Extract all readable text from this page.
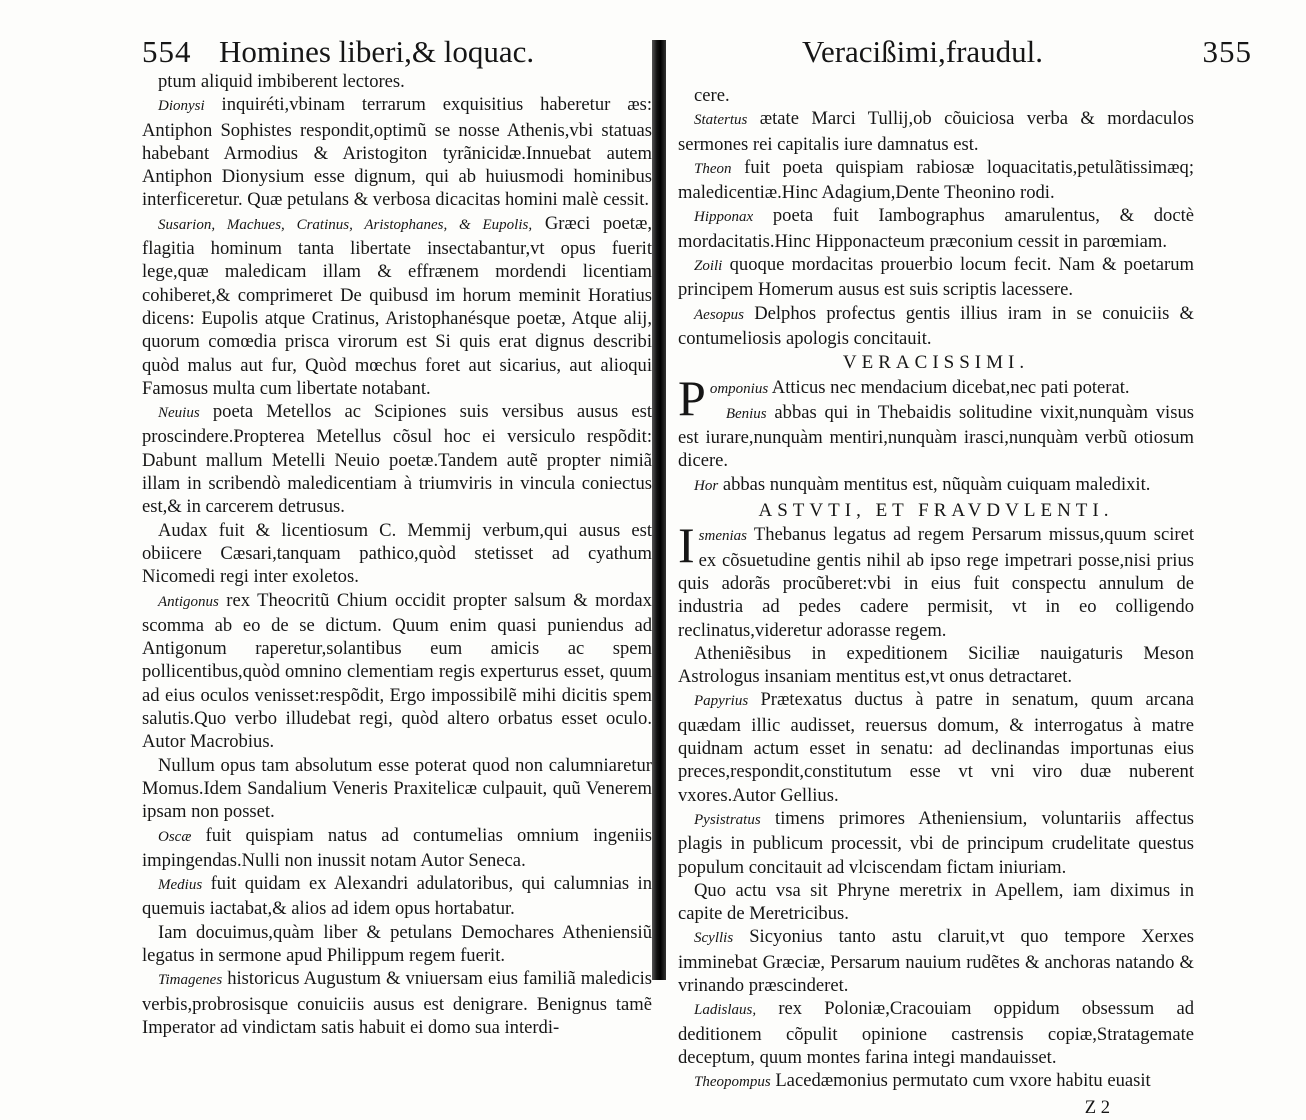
554 Homines liberi,& loquac.

ptum aliquid imbiberent lectores.

Dionysi inquiréti,vbinam terrarum exquisitius haberetur æs: Antiphon Sophistes respondit,optimũ se nosse Athenis,vbi statuas habebant Armodius & Aristogiton tyrãnicidæ.Innuebat autem Antiphon Dionysium esse dignum, qui ab huiusmodi hominibus interficeretur. Quæ petulans & verbosa dicacitas homini malè cessit.

Susarion, Machues, Cratinus, Aristophanes, & Eupolis, Græci poetæ, flagitia hominum tanta libertate insectabantur,vt opus fuerit lege,quæ maledicam illam & effrænem mordendi licentiam cohiberet,& comprimeret De quibusd im horum meminit Horatius dicens: Eupolis atque Cratinus, Aristophanésque poetæ, Atque alij, quorum comœdia prisca virorum est Si quis erat dignus describi quòd malus aut fur, Quòd mœchus foret aut sicarius, aut alioqui Famosus multa cum libertate notabant.

Neuius poeta Metellos ac Scipiones suis versibus ausus est proscindere.Propterea Metellus cõsul hoc ei versiculo respõdit: Dabunt mallum Metelli Neuio poetæ.Tandem autẽ propter nimiã illam in scribendò maledicentiam à triumviris in vincula coniectus est,& in carcerem detrusus.

Audax fuit & licentiosum C. Memmij verbum,qui ausus est obiicere Cæsari,tanquam pathico,quòd stetisset ad cyathum Nicomedi regi inter exoletos.

Antigonus rex Theocritũ Chium occidit propter salsum & mordax scomma ab eo de se dictum. Quum enim quasi puniendus ad Antigonum raperetur,solantibus eum amicis ac spem pollicentibus,quòd omnino clementiam regis experturus esset, quum ad eius oculos venisset:respõdit, Ergo impossibilẽ mihi dicitis spem salutis.Quo verbo illudebat regi, quòd altero orbatus esset oculo. Autor Macrobius.

Nullum opus tam absolutum esse poterat quod non calumniaretur Momus.Idem Sandalium Veneris Praxitelicæ culpauit, quũ Venerem ipsam non posset.

Oscæ fuit quispiam natus ad contumelias omnium ingeniis impingendas.Nulli non inussit notam Autor Seneca.

Medius fuit quidam ex Alexandri adulatoribus, qui calumnias in quemuis iactabat,& alios ad idem opus hortabatur.

Iam docuimus,quàm liber & petulans Demochares Atheniensiũ legatus in sermone apud Philippum regem fuerit.

Timagenes historicus Augustum & vniuersam eius familiã maledicis verbis,probrosisque conuiciis ausus est denigrare. Benignus tamẽ Imperator ad vindictam satis habuit ei domo sua interdi-

Veracißimi,fraudul.	355

cere.

Statertus ætate Marci Tullij,ob cõuiciosa verba & mordaculos sermones rei capitalis iure damnatus est.

Theon fuit poeta quispiam rabiosæ loquacitatis,petulãtissimæq; maledicentiæ.Hinc Adagium,Dente Theonino rodi.

Hipponax poeta fuit Iambographus amarulentus, & doctè mordacitatis.Hinc Hipponacteum præconium cessit in parœmiam.

Zoili quoque mordacitas prouerbio locum fecit. Nam & poetarum principem Homerum ausus est suis scriptis lacessere.

Aesopus Delphos profectus gentis illius iram in se conuiciis & contumeliosis apologis concitauit.

VERACISSIMI.

Pomponius Atticus nec mendacium dicebat,nec pati poterat.

Benius abbas qui in Thebaidis solitudine vixit,nunquàm visus est iurare,nunquàm mentiri,nunquàm irasci,nunquàm verbũ otiosum dicere.

Hor abbas nunquàm mentitus est, nũquàm cuiquam maledixit.

ASTVTI, ET FRAVDVLENTI.

Ismenias Thebanus legatus ad regem Persarum missus,quum sciret ex cõsuetudine gentis nihil ab ipso rege impetrari posse,nisi prius quis adorãs procũberet:vbi in eius fuit conspectu annulum de industria ad pedes cadere permisit, vt in eo colligendo reclinatus,videretur adorasse regem.

Atheniẽsibus in expeditionem Siciliæ nauigaturis Meson Astrologus insaniam mentitus est,vt onus detractaret.

Papyrius Prætexatus ductus à patre in senatum, quum arcana quædam illic audisset, reuersus domum, & interrogatus à matre quidnam actum esset in senatu: ad declinandas importunas eius preces,respondit,constitutum esse vt vni viro duæ nuberent vxores.Autor Gellius.

Pysistratus timens primores Atheniensium, voluntariis affectus plagis in publicum processit, vbi de principum crudelitate questus populum concitauit ad vlciscendam fictam iniuriam.

Quo actu vsa sit Phryne meretrix in Apellem, iam diximus in capite de Meretricibus.

Scyllis Sicyonius tanto astu claruit,vt quo tempore Xerxes imminebat Græciæ, Persarum nauium rudẽtes & anchoras natando & vrinando præscinderet.

Ladislaus, rex Poloniæ,Cracouiam oppidum obsessum ad deditionem cõpulit opinione castrensis copiæ,Stratagemate deceptum, quum montes farina integi mandauisset.

Theopompus Lacedæmonius permutato cum vxore habitu euasit

Z 2
